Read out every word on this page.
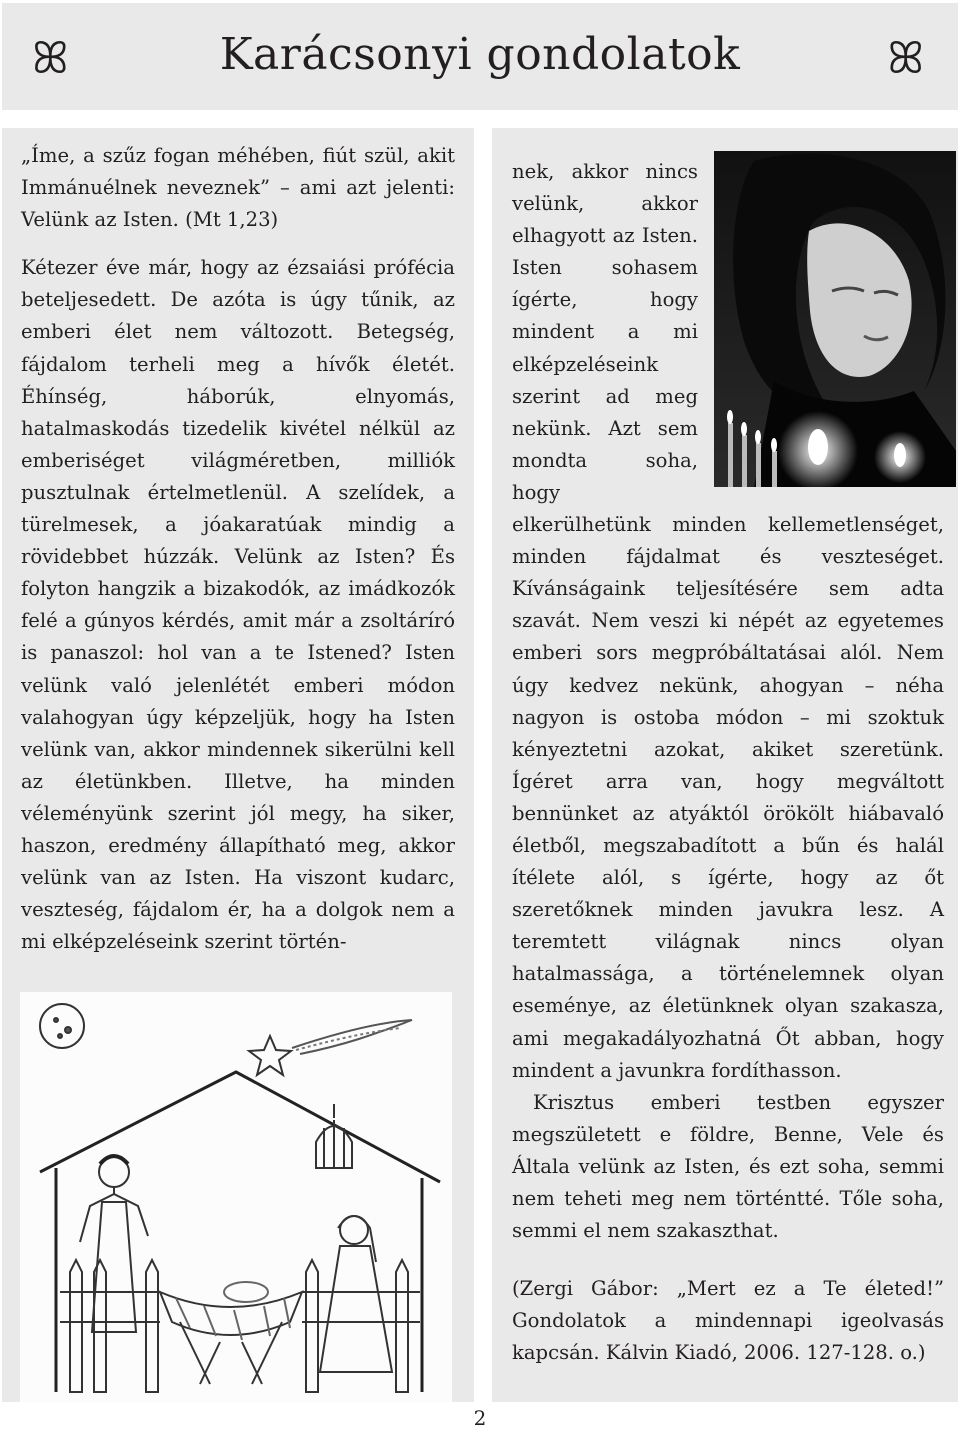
ꕤ	Karácsonyi gondolatok	ꕤ

„Íme, a szűz fogan méhében, fiút szül, akit Immánuélnek neveznek” – ami azt jelenti: Velünk az Isten. (Mt 1,23)

Kétezer éve már, hogy az ézsaiási prófécia beteljesedett. De azóta is úgy tűnik, az emberi élet nem változott. Betegség, fájdalom terheli meg a hívők életét. Éhínség, háborúk, elnyomás, hatalmaskodás tizedelik kivétel nélkül az emberiséget világméretben, milliók pusztulnak értelmetlenül. A szelídek, a türelmesek, a jóakaratúak mindig a rövidebbet húzzák. Velünk az Isten? És folyton hangzik a bizakodók, az imádkozók felé a gúnyos kérdés, amit már a zsoltáríró is panaszol: hol van a te Istened? Isten velünk való jelenlétét emberi módon valahogyan úgy képzeljük, hogy ha Isten velünk van, akkor mindennek sikerülni kell az életünkben. Illetve, ha minden véleményünk szerint jól megy, ha siker, haszon, eredmény állapítható meg, akkor velünk van az Isten. Ha viszont kudarc, veszteség, fájdalom ér, ha a dolgok nem a mi elképzeléseink szerint történ-

nek, akkor nincs velünk, akkor elhagyott az Isten. Isten sohasem ígérte, hogy mindent a mi elképzeléseink szerint ad meg nekünk. Azt sem mondta soha, hogy elkerülhetünk minden kellemetlenséget, minden fájdalmat és veszteséget. Kívánságaink teljesítésére sem adta szavát. Nem veszi ki népét az egyetemes emberi sors megpróbáltatásai alól. Nem úgy kedvez nekünk, ahogyan – néha nagyon is ostoba módon – mi szoktuk kényeztetni azokat, akiket szeretünk. Ígéret arra van, hogy megváltott bennünket az atyáktól örökölt hiábavaló életből, megszabadított a bűn és halál ítélete alól, s ígérte, hogy az őt szeretőknek minden javukra lesz. A teremtett világnak nincs olyan hatalmassága, a történelemnek olyan eseménye, az életünknek olyan szakasza, ami megakadályozhatná Őt abban, hogy mindent a javunkra fordíthasson.

Krisztus emberi testben egyszer megszületett e földre, Benne, Vele és Általa velünk az Isten, és ezt soha, semmi nem teheti meg nem történtté. Tőle soha, semmi el nem szakaszthat.

(Zergi Gábor: „Mert ez a Te életed!” Gondolatok a mindennapi igeolvasás kapcsán. Kálvin Kiadó, 2006. 127-128. o.)

2
